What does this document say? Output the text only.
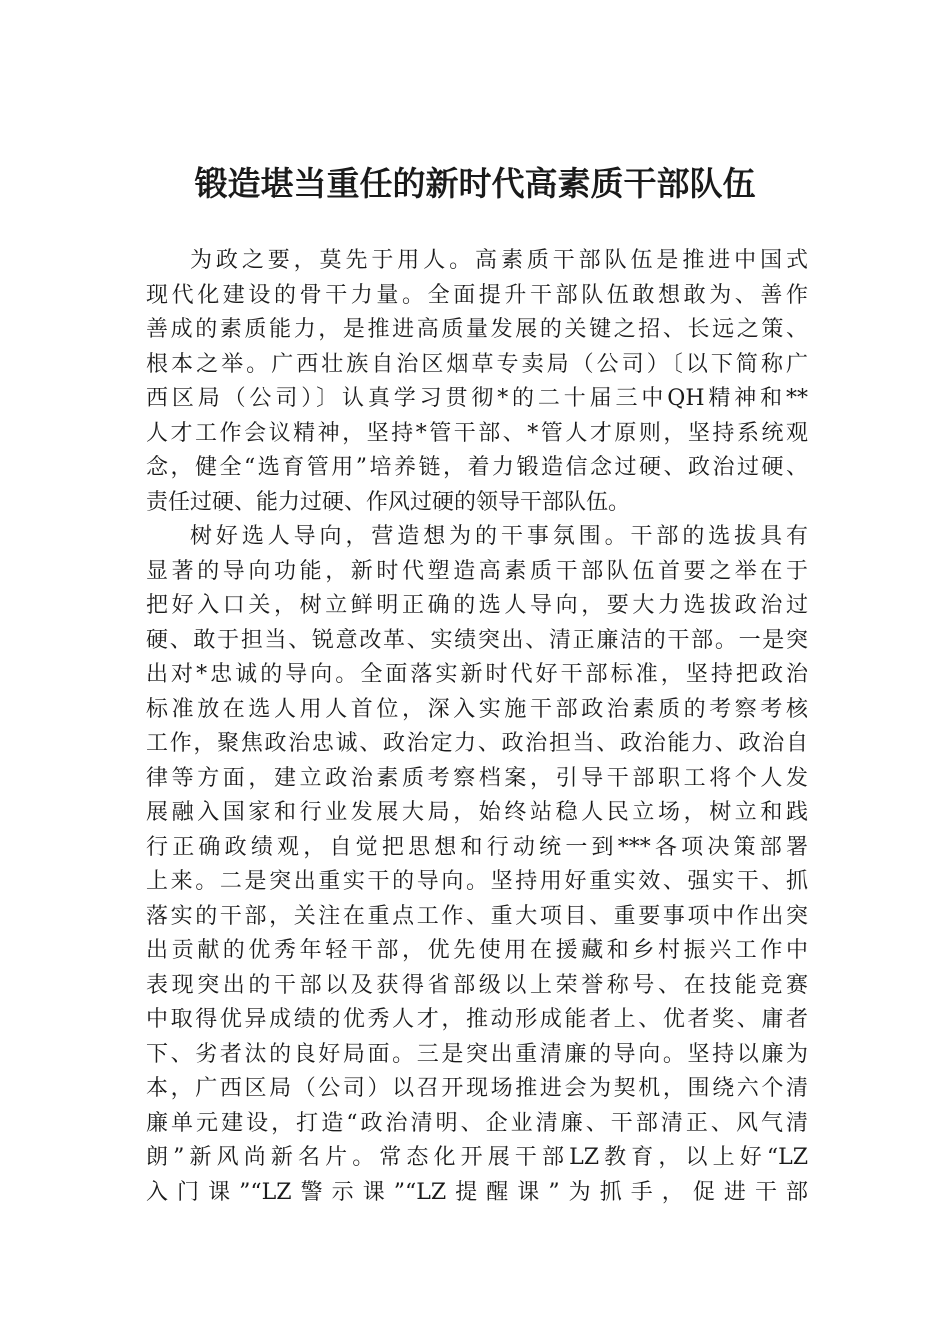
锻造堪当重任的新时代高素质干部队伍
为政之要，莫先于用人。高素质干部队伍是推进中国式
现代化建设的骨干力量。全面提升干部队伍敢想敢为、善作
善成的素质能力，是推进高质量发展的关键之招、长远之策、
根本之举。广西壮族自治区烟草专卖局（公司）〔以下简称广
西区局（公司）〕认真学习贯彻*的二十届三中QH精神和**
人才工作会议精神，坚持*管干部、*管人才原则，坚持系统观
念，健全“选育管用”培养链，着力锻造信念过硬、政治过硬、
责任过硬、能力过硬、作风过硬的领导干部队伍。
树好选人导向，营造想为的干事氛围。干部的选拔具有
显著的导向功能，新时代塑造高素质干部队伍首要之举在于
把好入口关，树立鲜明正确的选人导向，要大力选拔政治过
硬、敢于担当、锐意改革、实绩突出、清正廉洁的干部。一是突
出对*忠诚的导向。全面落实新时代好干部标准，坚持把政治
标准放在选人用人首位，深入实施干部政治素质的考察考核
工作，聚焦政治忠诚、政治定力、政治担当、政治能力、政治自
律等方面，建立政治素质考察档案，引导干部职工将个人发
展融入国家和行业发展大局，始终站稳人民立场，树立和践
行正确政绩观，自觉把思想和行动统一到***各项决策部署
上来。二是突出重实干的导向。坚持用好重实效、强实干、抓
落实的干部，关注在重点工作、重大项目、重要事项中作出突
出贡献的优秀年轻干部，优先使用在援藏和乡村振兴工作中
表现突出的干部以及获得省部级以上荣誉称号、在技能竞赛
中取得优异成绩的优秀人才，推动形成能者上、优者奖、庸者
下、劣者汰的良好局面。三是突出重清廉的导向。坚持以廉为
本，广西区局（公司）以召开现场推进会为契机，围绕六个清
廉单元建设，打造“政治清明、企业清廉、干部清正、风气清
朗”新风尚新名片。常态化开展干部LZ教育，以上好“LZ
入门课”“LZ警示课”“LZ提醒课”为抓手，促进干部
